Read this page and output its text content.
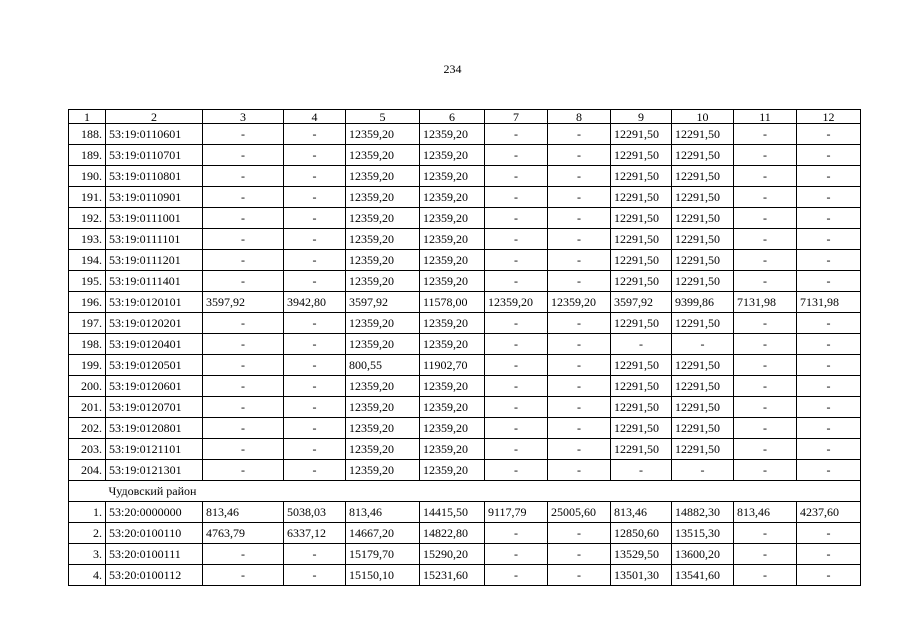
234
1	2	3	4	5	6	7	8	9	10	11	12
188.	53:19:0110601	-	-	12359,20	12359,20	-	-	12291,50	12291,50	-	-
189.	53:19:0110701	-	-	12359,20	12359,20	-	-	12291,50	12291,50	-	-
190.	53:19:0110801	-	-	12359,20	12359,20	-	-	12291,50	12291,50	-	-
191.	53:19:0110901	-	-	12359,20	12359,20	-	-	12291,50	12291,50	-	-
192.	53:19:0111001	-	-	12359,20	12359,20	-	-	12291,50	12291,50	-	-
193.	53:19:0111101	-	-	12359,20	12359,20	-	-	12291,50	12291,50	-	-
194.	53:19:0111201	-	-	12359,20	12359,20	-	-	12291,50	12291,50	-	-
195.	53:19:0111401	-	-	12359,20	12359,20	-	-	12291,50	12291,50	-	-
196.	53:19:0120101	3597,92	3942,80	3597,92	11578,00	12359,20	12359,20	3597,92	9399,86	7131,98	7131,98
197.	53:19:0120201	-	-	12359,20	12359,20	-	-	12291,50	12291,50	-	-
198.	53:19:0120401	-	-	12359,20	12359,20	-	-	-	-	-	-
199.	53:19:0120501	-	-	800,55	11902,70	-	-	12291,50	12291,50	-	-
200.	53:19:0120601	-	-	12359,20	12359,20	-	-	12291,50	12291,50	-	-
201.	53:19:0120701	-	-	12359,20	12359,20	-	-	12291,50	12291,50	-	-
202.	53:19:0120801	-	-	12359,20	12359,20	-	-	12291,50	12291,50	-	-
203.	53:19:0121101	-	-	12359,20	12359,20	-	-	12291,50	12291,50	-	-
204.	53:19:0121301	-	-	12359,20	12359,20	-	-	-	-	-	-
	Чудовский район										
1.	53:20:0000000	813,46	5038,03	813,46	14415,50	9117,79	25005,60	813,46	14882,30	813,46	4237,60
2.	53:20:0100110	4763,79	6337,12	14667,20	14822,80	-	-	12850,60	13515,30	-	-
3.	53:20:0100111	-	-	15179,70	15290,20	-	-	13529,50	13600,20	-	-
4.	53:20:0100112	-	-	15150,10	15231,60	-	-	13501,30	13541,60	-	-
